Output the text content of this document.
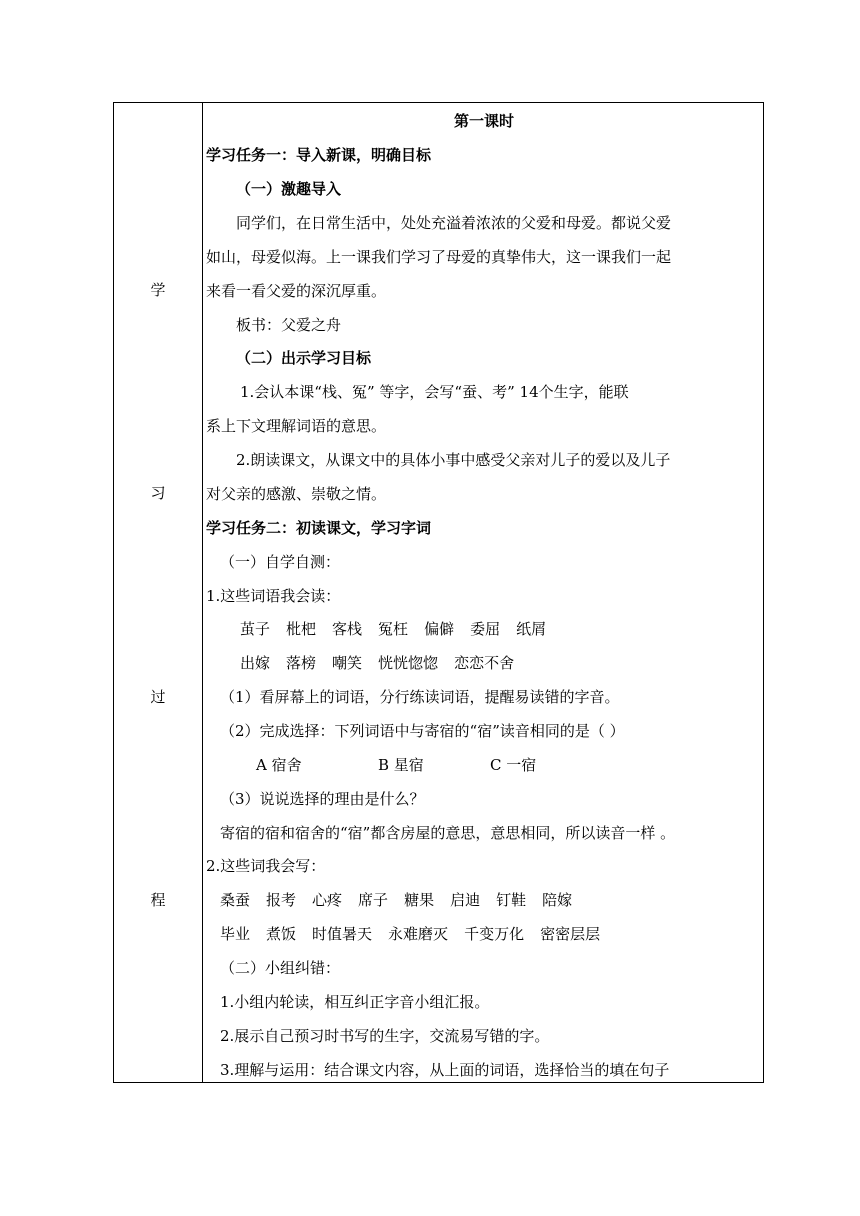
学
习
过
程
第一课时
学习任务一：导入新课，明确目标
（一）激趣导入
同学们，在日常生活中，处处充溢着浓浓的父爱和母爱。都说父爱
如山，母爱似海。上一课我们学习了母爱的真挚伟大，这一课我们一起
来看一看父爱的深沉厚重。
板书：父爱之舟
（二）出示学习目标
1.会认本课“栈、冤” 等字，会写“蚕、考” 14个生字，能联
系上下文理解词语的意思。
2.朗读课文，从课文中的具体小事中感受父亲对儿子的爱以及儿子
对父亲的感激、崇敬之情。
学习任务二：初读课文，学习字词
（一）自学自测：
1.这些词语我会读：
茧子 枇杷 客栈 冤枉 偏僻 委屈 纸屑
出嫁 落榜 嘲笑 恍恍惚惚 恋恋不舍
（1）看屏幕上的词语，分行练读词语，提醒易读错的字音。
（2）完成选择：下列词语中与寄宿的“宿”读音相同的是（ ）
A 宿舍	B 星宿	C 一宿
（3）说说选择的理由是什么？
寄宿的宿和宿舍的“宿”都含房屋的意思，意思相同，所以读音一样 。
2.这些词我会写：
桑蚕 报考 心疼 席子 糖果 启迪 钉鞋 陪嫁
毕业 煮饭 时值暑天 永难磨灭 千变万化 密密层层
（二）小组纠错：
1.小组内轮读，相互纠正字音小组汇报。
2.展示自己预习时书写的生字，交流易写错的字。
3.理解与运用：结合课文内容，从上面的词语，选择恰当的填在句子
